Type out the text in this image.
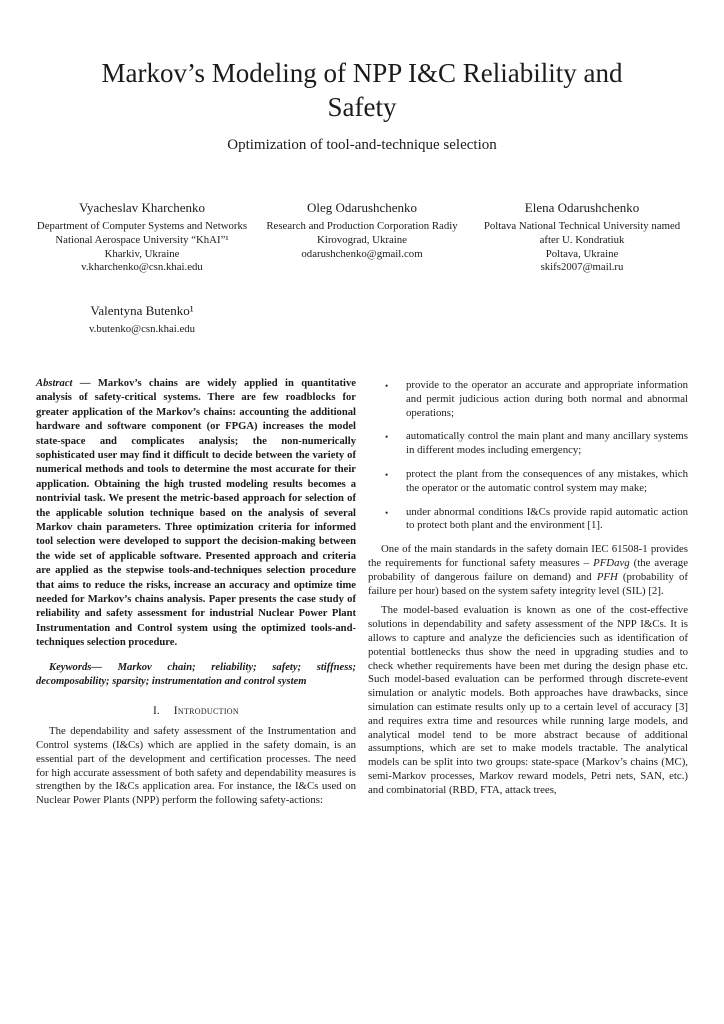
Markov’s Modeling of NPP I&C Reliability and
Safety
Optimization of tool-and-technique selection
Vyacheslav Kharchenko
Department of Computer Systems and Networks
National Aerospace University “KhAI”¹
Kharkiv, Ukraine
v.kharchenko@csn.khai.edu
Oleg Odarushchenko
Research and Production Corporation Radiy
Kirovograd, Ukraine
odarushchenko@gmail.com
Elena Odarushchenko
Poltava National Technical University named after U. Kondratiuk
Poltava, Ukraine
skifs2007@mail.ru
Valentyna Butenko¹
v.butenko@csn.khai.edu

Abstract — Markov’s chains are widely applied in quantitative analysis of safety-critical systems. There are few roadblocks for greater application of the Markov’s chains: accounting the additional hardware and software component (or FPGA) increases the model state-space and complicates analysis; the non-numerically sophisticated user may find it difficult to decide between the variety of numerical methods and tools to determine the most accurate for their application. Obtaining the high trusted modeling results becomes a nontrivial task. We present the metric-based approach for selection of the applicable solution technique based on the analysis of several Markov chain parameters. Three optimization criteria for informed tool selection were developed to support the decision-making between the wide set of applicable software. Presented approach and criteria are applied as the stepwise tools-and-techniques selection procedure that aims to reduce the risks, increase an accuracy and optimize time needed for Markov’s chains analysis. Paper presents the case study of reliability and safety assessment for industrial Nuclear Power Plant Instrumentation and Control system using the optimized tools-and-techniques selection procedure.

Keywords— Markov chain; reliability; safety; stiffness; decomposability; sparsity; instrumentation and control system

I. Introduction

The dependability and safety assessment of the Instrumentation and Control systems (I&Cs) which are applied in the safety domain, is an essential part of the development and certification processes. The need for high accurate assessment of both safety and dependability measures is strengthen by the I&Cs application area. For instance, the I&Cs used on Nuclear Power Plants (NPP) perform the following safety-actions:

• provide to the operator an accurate and appropriate information and permit judicious action during both normal and abnormal operations;
• automatically control the main plant and many ancillary systems in different modes including emergency;
• protect the plant from the consequences of any mistakes, which the operator or the automatic control system may make;
• under abnormal conditions I&Cs provide rapid automatic action to protect both plant and the environment [1].

One of the main standards in the safety domain IEC 61508-1 provides the requirements for functional safety measures – PFDavg (the average probability of dangerous failure on demand) and PFH (probability of failure per hour) based on the system safety integrity level (SIL) [2].

The model-based evaluation is known as one of the cost-effective solutions in dependability and safety assessment of the NPP I&Cs. It is allows to capture and analyze the deficiencies such as identification of potential bottlenecks thus show the need in upgrading studies and to check whether requirements have been met during the design phase etc. Such model-based evaluation can be performed through discrete-event simulation or analytic models. Both approaches have drawbacks, since simulation can estimate results only up to a certain level of accuracy [3] and requires extra time and resources while running large models, and analytical model tend to be more abstract because of additional assumptions, which are set to make models tractable. The analytical models can be split into two groups: state-space (Markov’s chains (MC), semi-Markov processes, Markov reward models, Petri nets, SAN, etc.) and combinatorial (RBD, FTA, attack trees,
